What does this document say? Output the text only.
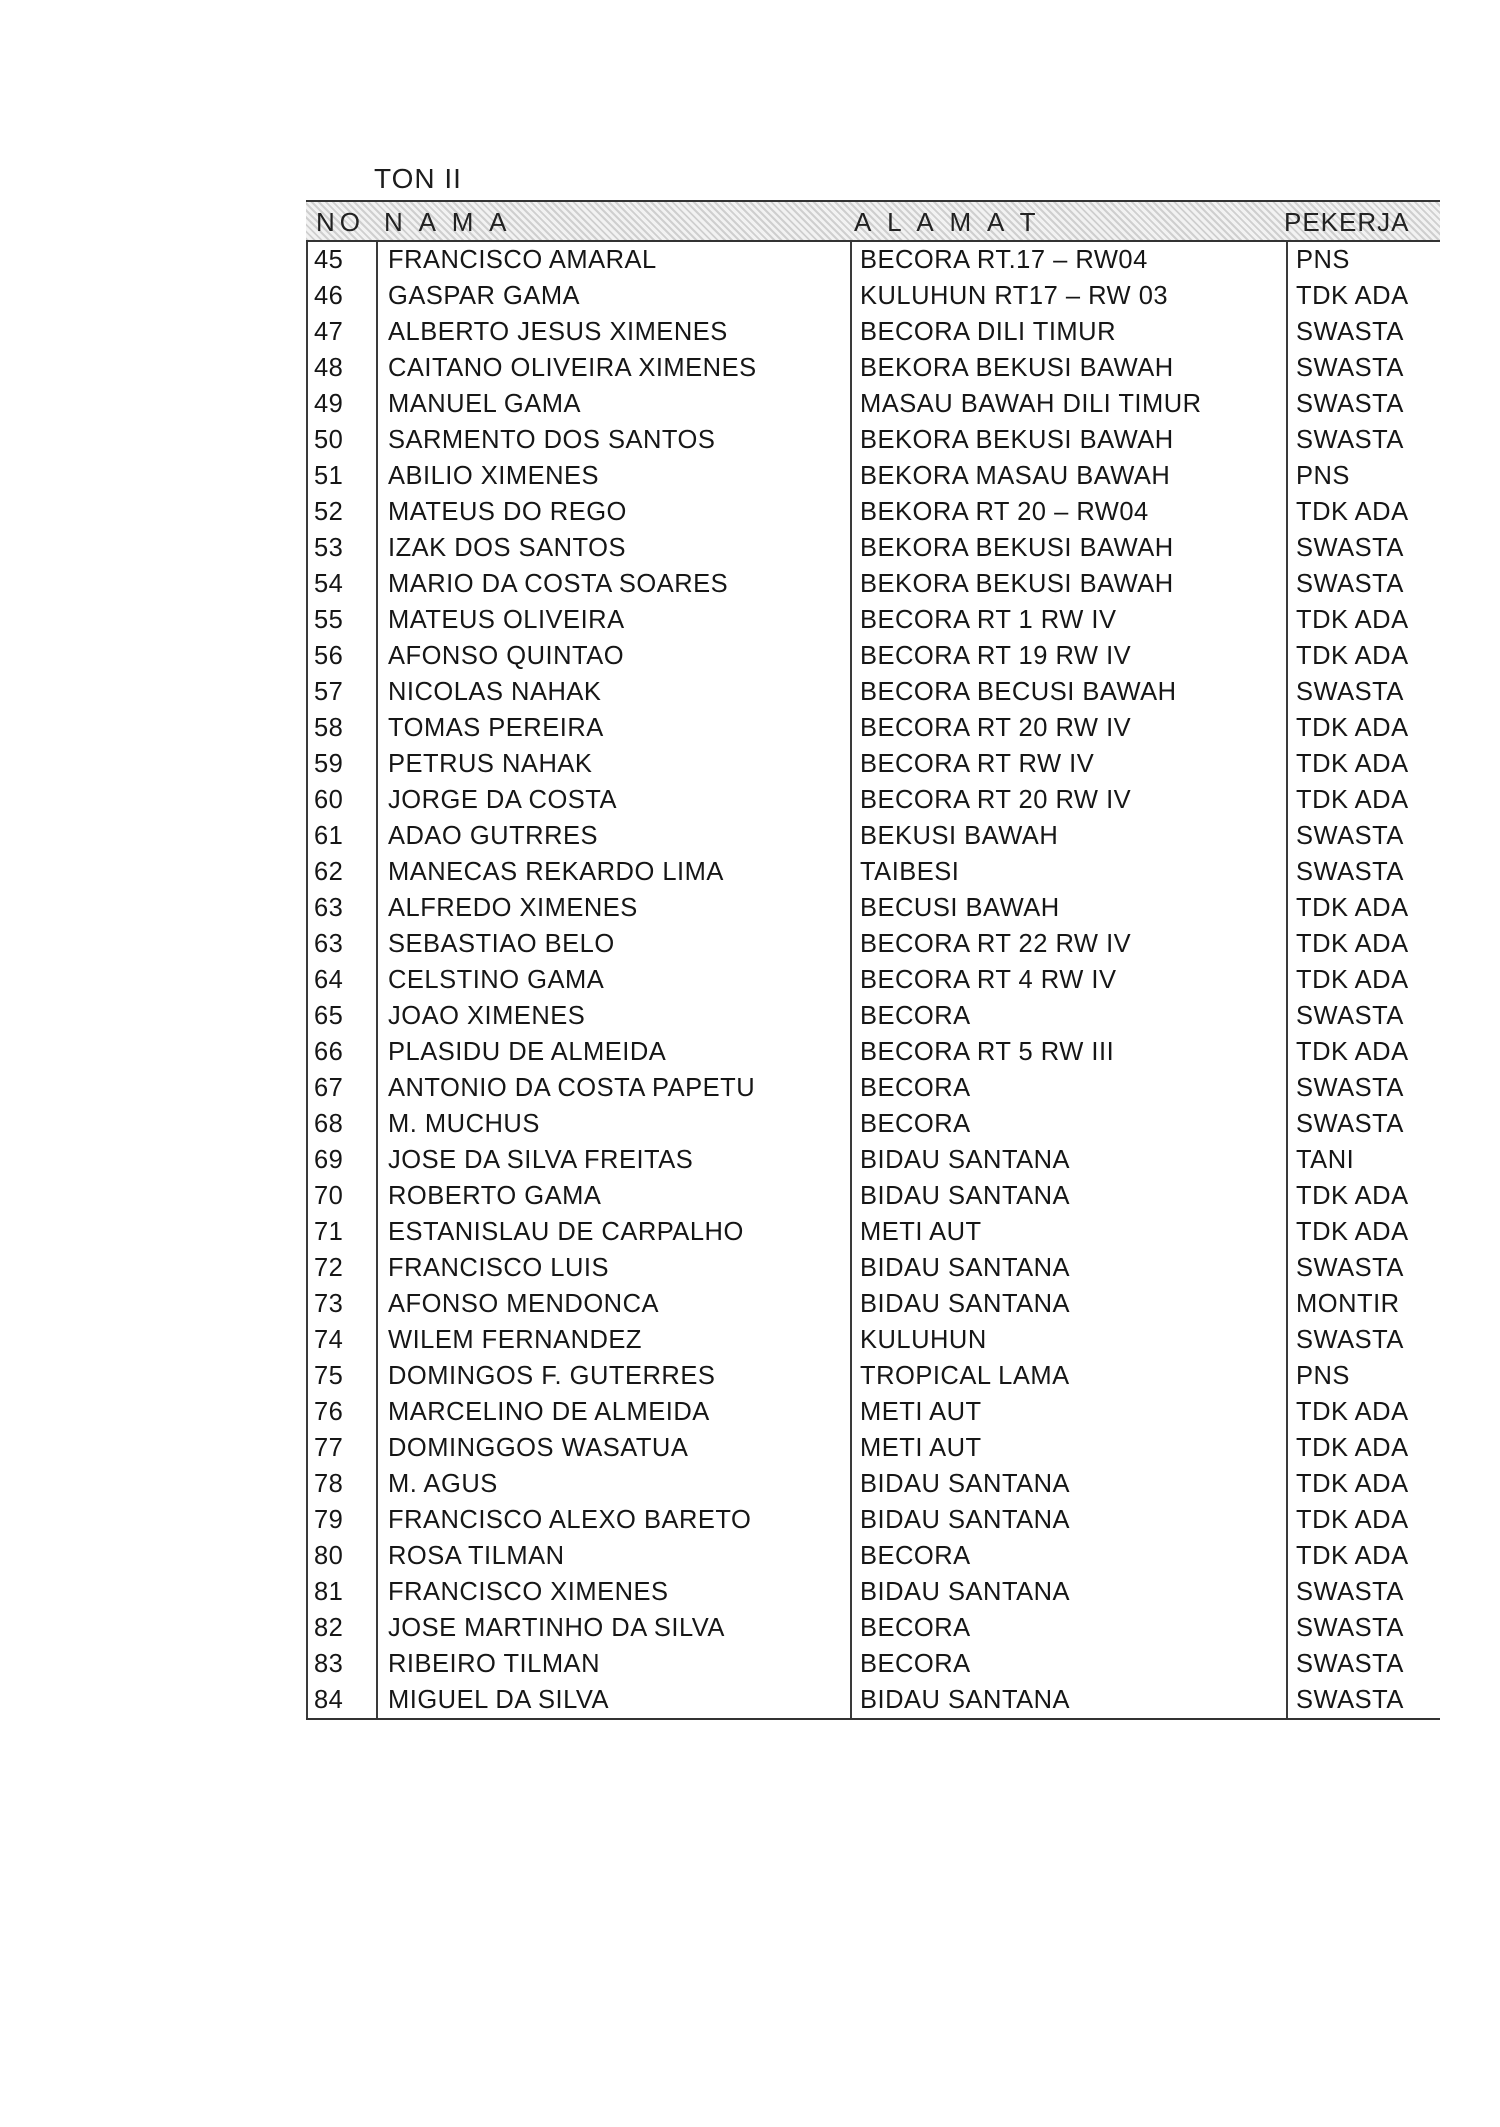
TON II
NO N A M A	A L A M A T	PEKERJA
45	FRANCISCO AMARAL	BECORA RT.17 – RW04	PNS
46	GASPAR GAMA	KULUHUN RT17 – RW 03	TDK ADA
47	ALBERTO JESUS XIMENES	BECORA DILI TIMUR	SWASTA
48	CAITANO OLIVEIRA XIMENES	BEKORA BEKUSI BAWAH	SWASTA
49	MANUEL GAMA	MASAU BAWAH DILI TIMUR	SWASTA
50	SARMENTO DOS SANTOS	BEKORA BEKUSI BAWAH	SWASTA
51	ABILIO XIMENES	BEKORA MASAU BAWAH	PNS
52	MATEUS DO REGO	BEKORA RT 20 – RW04	TDK ADA
53	IZAK DOS SANTOS	BEKORA BEKUSI BAWAH	SWASTA
54	MARIO DA COSTA SOARES	BEKORA BEKUSI BAWAH	SWASTA
55	MATEUS OLIVEIRA	BECORA RT 1 RW IV	TDK ADA
56	AFONSO QUINTAO	BECORA RT 19 RW IV	TDK ADA
57	NICOLAS NAHAK	BECORA BECUSI BAWAH	SWASTA
58	TOMAS PEREIRA	BECORA RT 20 RW IV	TDK ADA
59	PETRUS NAHAK	BECORA RT RW IV	TDK ADA
60	JORGE DA COSTA	BECORA RT 20 RW IV	TDK ADA
61	ADAO GUTRRES	BEKUSI BAWAH	SWASTA
62	MANECAS REKARDO LIMA	TAIBESI	SWASTA
63	ALFREDO XIMENES	BECUSI BAWAH	TDK ADA
63	SEBASTIAO BELO	BECORA RT 22 RW IV	TDK ADA
64	CELSTINO GAMA	BECORA RT 4 RW IV	TDK ADA
65	JOAO XIMENES	BECORA	SWASTA
66	PLASIDU DE ALMEIDA	BECORA RT 5 RW III	TDK ADA
67	ANTONIO DA COSTA PAPETU	BECORA	SWASTA
68	M. MUCHUS	BECORA	SWASTA
69	JOSE DA SILVA FREITAS	BIDAU SANTANA	TANI
70	ROBERTO GAMA	BIDAU SANTANA	TDK ADA
71	ESTANISLAU DE CARPALHO	METI AUT	TDK ADA
72	FRANCISCO LUIS	BIDAU SANTANA	SWASTA
73	AFONSO MENDONCA	BIDAU SANTANA	MONTIR
74	WILEM FERNANDEZ	KULUHUN	SWASTA
75	DOMINGOS F. GUTERRES	TROPICAL LAMA	PNS
76	MARCELINO DE ALMEIDA	METI AUT	TDK ADA
77	DOMINGGOS WASATUA	METI AUT	TDK ADA
78	M. AGUS	BIDAU SANTANA	TDK ADA
79	FRANCISCO ALEXO BARETO	BIDAU SANTANA	TDK ADA
80	ROSA TILMAN	BECORA	TDK ADA
81	FRANCISCO XIMENES	BIDAU SANTANA	SWASTA
82	JOSE MARTINHO DA SILVA	BECORA	SWASTA
83	RIBEIRO TILMAN	BECORA	SWASTA
84	MIGUEL DA SILVA	BIDAU SANTANA	SWASTA
